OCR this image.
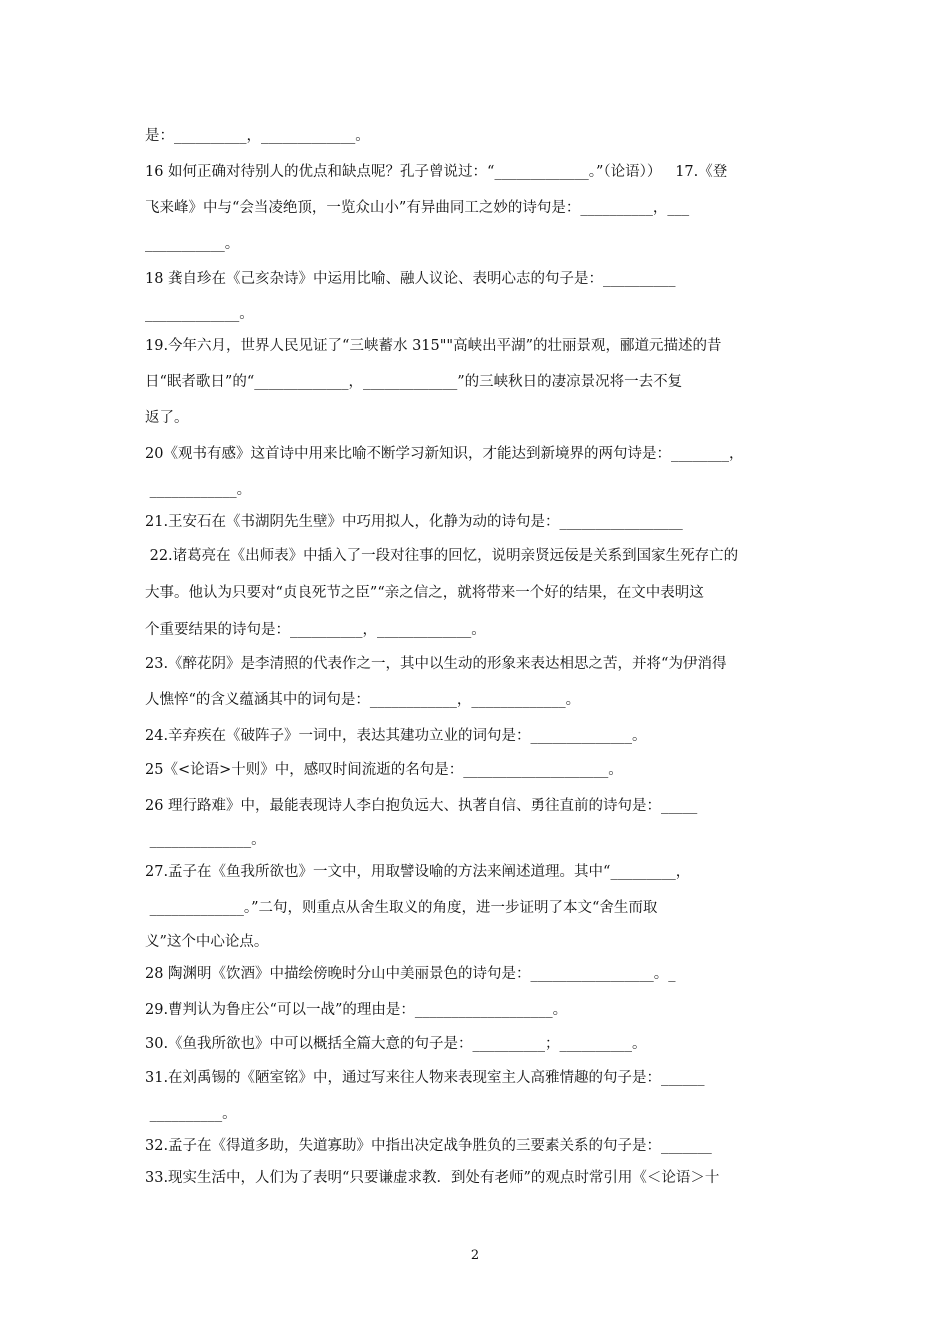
是：__________，_____________。
16 如何正确对待别人的优点和缺点呢？孔子曾说过：“_____________。”（论语））   17.《登
飞来峰》中与“会当凌绝顶，一览众山小”有异曲同工之妙的诗句是：__________，___
___________。
18 龚自珍在《己亥杂诗》中运用比喻、融人议论、表明心志的句子是：__________
_____________。
19.今年六月，世界人民见证了“三峡蓄水 315""高峡出平湖”的壮丽景观，郦道元描述的昔
日“眠者歌日”的“_____________，_____________”的三峡秋日的凄凉景况将一去不复
返了。
20《观书有感》这首诗中用来比喻不断学习新知识，才能达到新境界的两句诗是：________，
____________。
21.王安石在《书湖阴先生壁》中巧用拟人，化静为动的诗句是：_________________
22.诸葛亮在《出师表》中插入了一段对往事的回忆，说明亲贤远佞是关系到国家生死存亡的
大事。他认为只要对“贞良死节之臣”“亲之信之，就将带来一个好的结果，在文中表明这
个重要结果的诗句是：__________，_____________。
23.《醉花阴》是李清照的代表作之一，其中以生动的形象来表达相思之苦，并将“为伊消得
人憔悴“的含义蕴涵其中的词句是：____________，_____________。
24.辛弃疾在《破阵子》一词中，表达其建功立业的词句是：______________。
25《<论语>十则》中，感叹时间流逝的名句是：____________________。
26 理行路难》中，最能表现诗人李白抱负远大、执著自信、勇往直前的诗句是：_____
______________。
27.孟子在《鱼我所欲也》一文中，用取譬设喻的方法来阐述道理。其中“_________，
_____________。”二句，则重点从舍生取义的角度，进一步证明了本文“舍生而取
义”这个中心论点。
28 陶渊明《饮酒》中描绘傍晚时分山中美丽景色的诗句是：_________________。_
29.曹判认为鲁庄公“可以一战”的理由是：___________________。
30.《鱼我所欲也》中可以概括全篇大意的句子是：__________；__________。
31.在刘禹锡的《陋室铭》中，通过写来往人物来表现室主人高雅情趣的句子是：______
__________。
32.孟子在《得道多助，失道寡助》中指出决定战争胜负的三要素关系的句子是：_______
33.现实生活中，人们为了表明“只要谦虚求教．到处有老师”的观点时常引用《＜论语＞十
2
